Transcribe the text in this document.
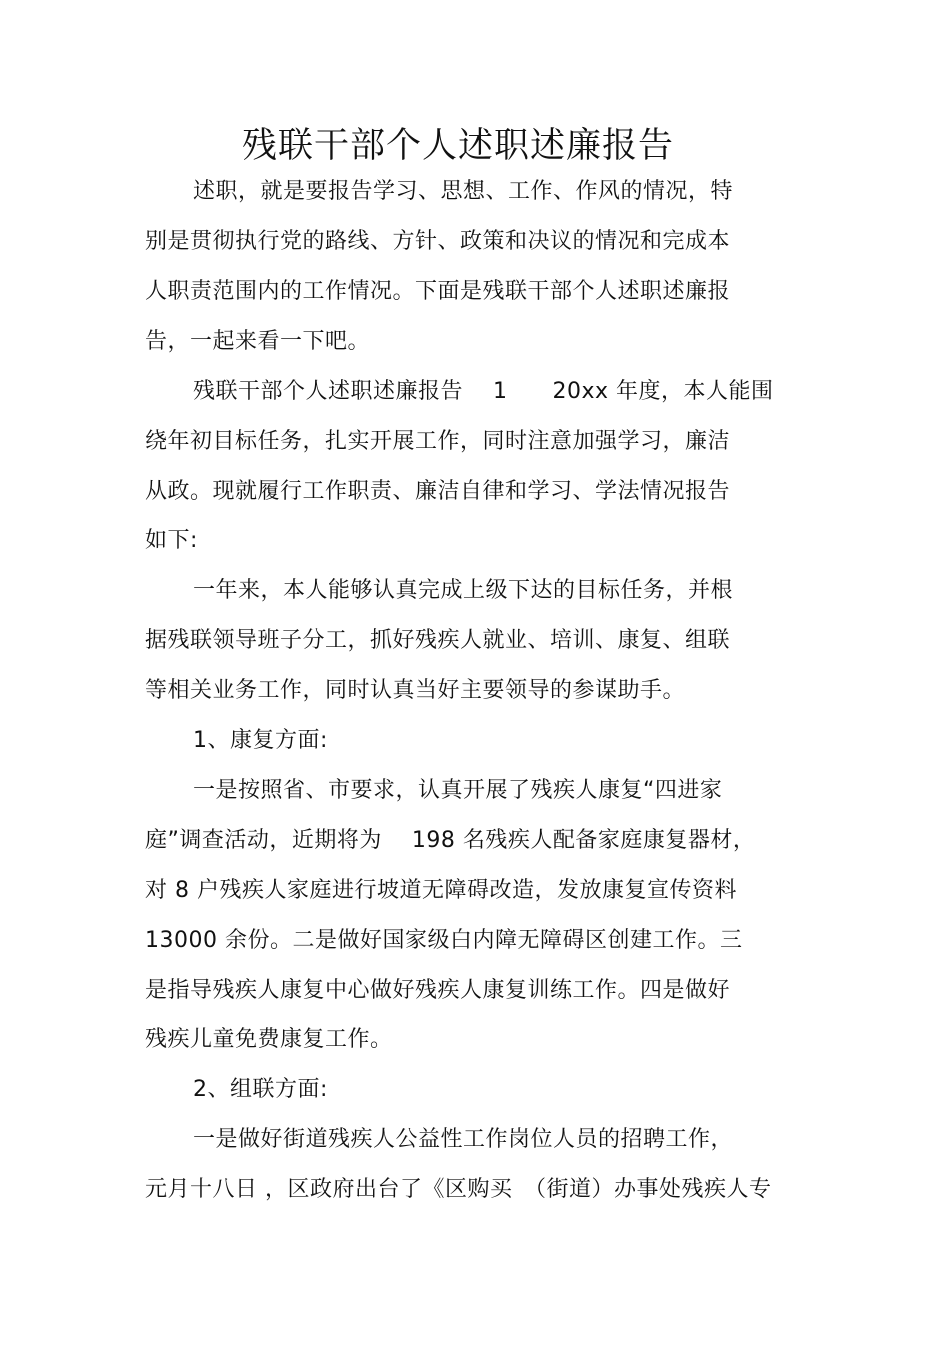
残联干部个人述职述廉报告
述职，就是要报告学习、思想、工作、作风的情况，特
别是贯彻执行党的路线、方针、政策和决议的情况和完成本
人职责范围内的工作情况。下面是残联干部个人述职述廉报
告，一起来看一下吧。
残联干部个人述职述廉报告　 1　　20xx 年度，本人能围
绕年初目标任务，扎实开展工作，同时注意加强学习，廉洁
从政。现就履行工作职责、廉洁自律和学习、学法情况报告
如下:
一年来，本人能够认真完成上级下达的目标任务，并根
据残联领导班子分工，抓好残疾人就业、培训、康复、组联
等相关业务工作，同时认真当好主要领导的参谋助手。
1、康复方面:
一是按照省、市要求，认真开展了残疾人康复“四进家
庭”调查活动，近期将为　 198 名残疾人配备家庭康复器材，
对 8 户残疾人家庭进行坡道无障碍改造，发放康复宣传资料
13000 余份。二是做好国家级白内障无障碍区创建工作。三
是指导残疾人康复中心做好残疾人康复训练工作。四是做好
残疾儿童免费康复工作。
2、组联方面:
一是做好街道残疾人公益性工作岗位人员的招聘工作，
元月十八日 ，区政府出台了《区购买　（街道）办事处残疾人专
